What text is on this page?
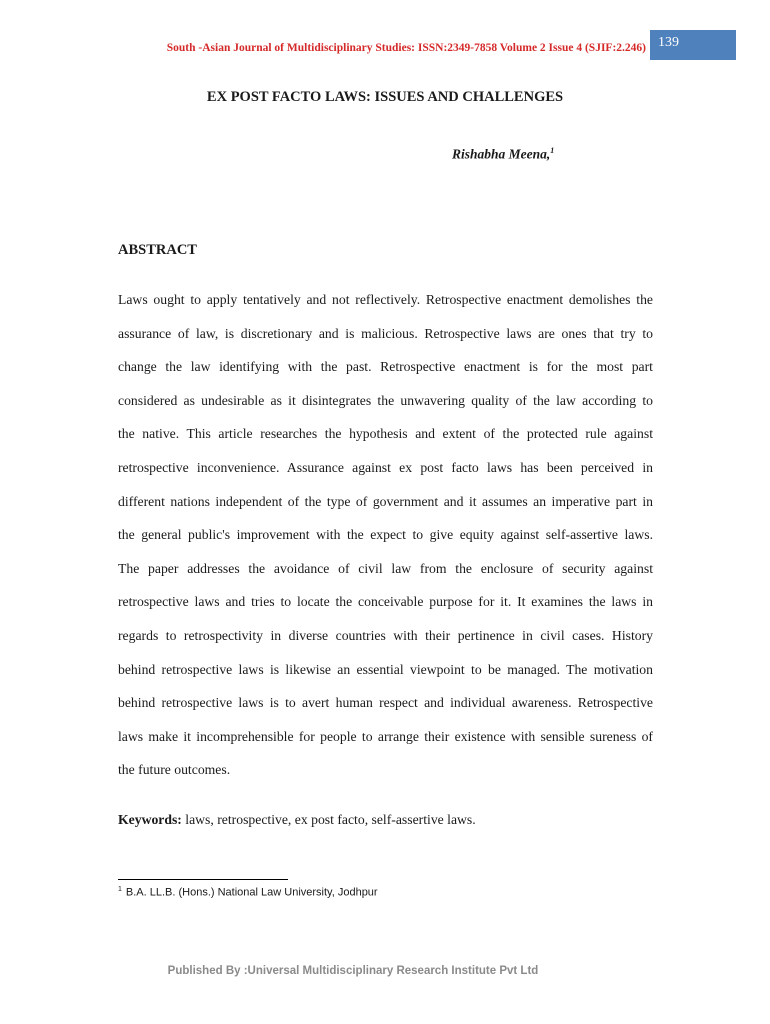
South -Asian Journal of Multidisciplinary Studies: ISSN:2349-7858 Volume 2 Issue 4 (SJIF:2.246) 139
EX POST FACTO LAWS: ISSUES AND CHALLENGES
Rishabha Meena,$^1$
ABSTRACT
Laws ought to apply tentatively and not reflectively. Retrospective enactment demolishes the
assurance of law, is discretionary and is malicious. Retrospective laws are ones that try to
change the law identifying with the past. Retrospective enactment is for the most part
considered as undesirable as it disintegrates the unwavering quality of the law according to
the native. This article researches the hypothesis and extent of the protected rule against
retrospective inconvenience. Assurance against ex post facto laws has been perceived in
different nations independent of the type of government and it assumes an imperative part in
the general public's improvement with the expect to give equity against self-assertive laws.
The paper addresses the avoidance of civil law from the enclosure of security against
retrospective laws and tries to locate the conceivable purpose for it. It examines the laws in
regards to retrospectivity in diverse countries with their pertinence in civil cases. History
behind retrospective laws is likewise an essential viewpoint to be managed. The motivation
behind retrospective laws is to avert human respect and individual awareness. Retrospective
laws make it incomprehensible for people to arrange their existence with sensible sureness of
the future outcomes.
Keywords: laws, retrospective, ex post facto, self-assertive laws.
$^1$ B.A. LL.B. (Hons.) National Law University, Jodhpur
Published By :Universal Multidisciplinary Research Institute Pvt Ltd
